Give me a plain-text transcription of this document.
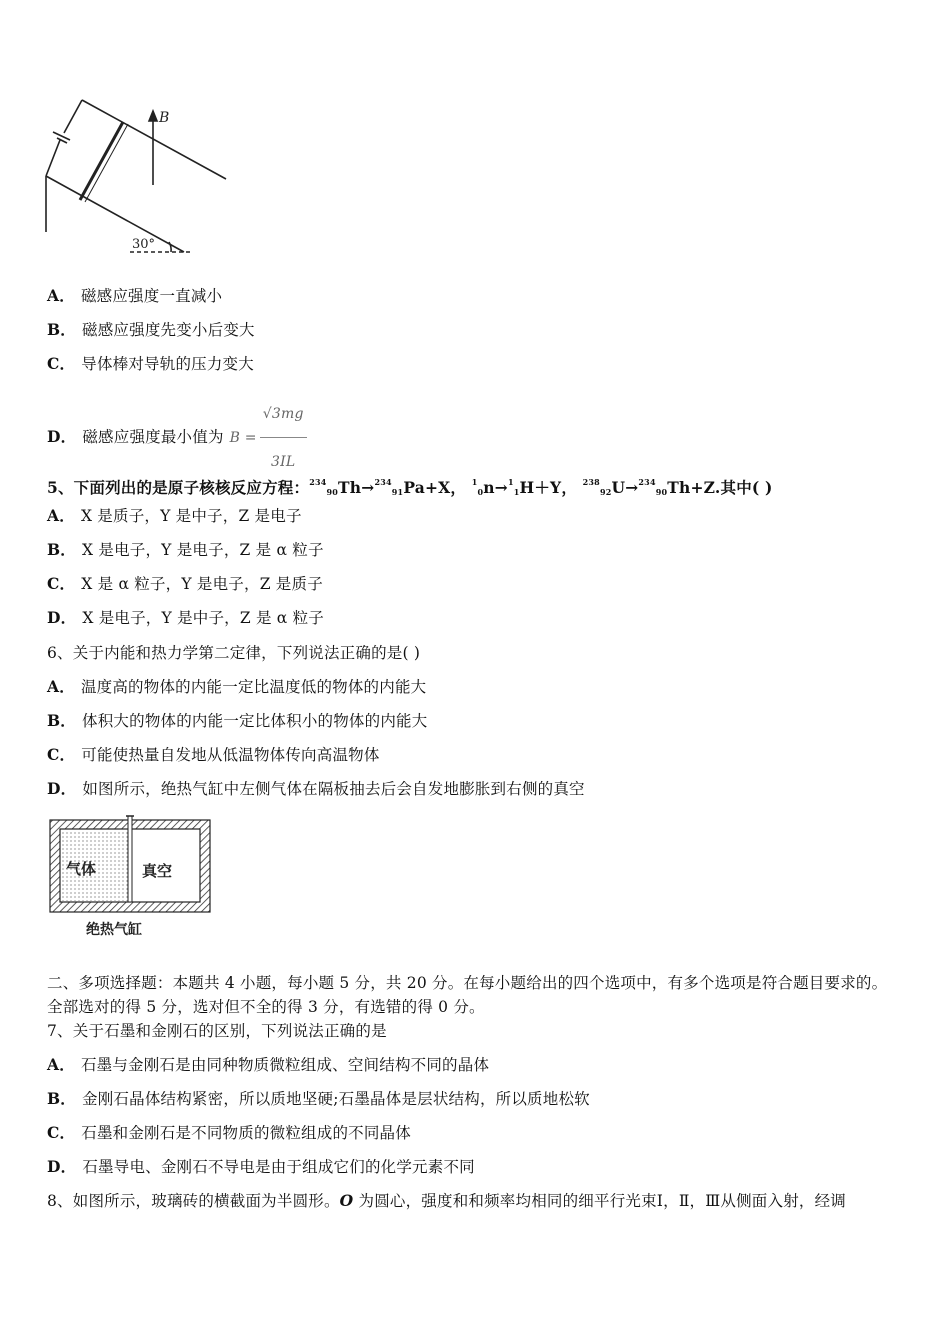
B
30°
A． 磁感应强度一直减小
B． 磁感应强度先变小后变大
C． 导体棒对导轨的压力变大
D． 磁感应强度最小值为 $B = \frac{√3mg}{3IL}$
5、下面列出的是原子核核反应方程：$^{234}_{90}$Th→$^{234}_{91}$Pa+X， $^1_0$n→$^1_1$H＋Y， $^{238}_{92}$U→$^{234}_{90}$Th+Z.其中( )
A． X 是质子，Y 是中子，Z 是电子
B． X 是电子，Y 是电子，Z 是 α 粒子
C． X 是 α 粒子，Y 是电子，Z 是质子
D． X 是电子，Y 是中子，Z 是 α 粒子
6、关于内能和热力学第二定律，下列说法正确的是( )
A． 温度高的物体的内能一定比温度低的物体的内能大
B． 体积大的物体的内能一定比体积小的物体的内能大
C． 可能使热量自发地从低温物体传向高温物体
D． 如图所示，绝热气缸中左侧气体在隔板抽去后会自发地膨胀到右侧的真空
气体	真空
绝热气缸
二、多项选择题：本题共 4 小题，每小题 5 分，共 20 分。在每小题给出的四个选项中，有多个选项是符合题目要求的。
全部选对的得 5 分，选对但不全的得 3 分，有选错的得 0 分。
7、关于石墨和金刚石的区别，下列说法正确的是
A． 石墨与金刚石是由同种物质微粒组成、空间结构不同的晶体
B． 金刚石晶体结构紧密，所以质地坚硬;石墨晶体是层状结构，所以质地松软
C． 石墨和金刚石是不同物质的微粒组成的不同晶体
D． 石墨导电、金刚石不导电是由于组成它们的化学元素不同
8、如图所示，玻璃砖的横截面为半圆形。O 为圆心，强度和和频率均相同的细平行光束Ⅰ，Ⅱ，Ⅲ从侧面入射，经调
